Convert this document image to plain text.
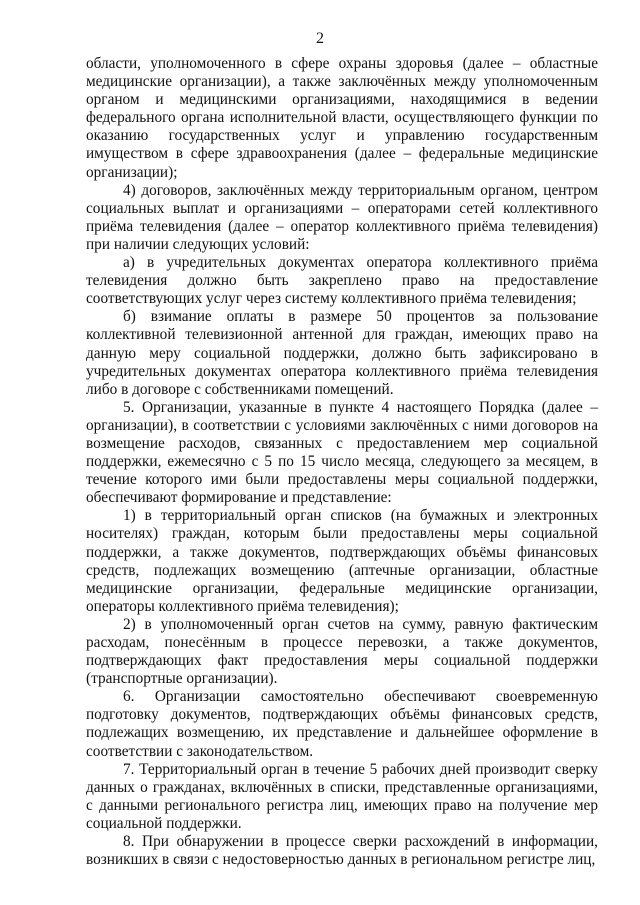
2

области, уполномоченного в сфере охраны здоровья (далее – областные медицинские организации), а также заключённых между уполномоченным органом и медицинскими организациями, находящимися в ведении федерального органа исполнительной власти, осуществляющего функции по оказанию государственных услуг и управлению государственным имуществом в сфере здравоохранения (далее – федеральные медицинские организации);

4) договоров, заключённых между территориальным органом, центром социальных выплат и организациями – операторами сетей коллективного приёма телевидения (далее – оператор коллективного приёма телевидения) при наличии следующих условий:

а) в учредительных документах оператора коллективного приёма телевидения должно быть закреплено право на предоставление соответствующих услуг через систему коллективного приёма телевидения;

б) взимание оплаты в размере 50 процентов за пользование коллективной телевизионной антенной для граждан, имеющих право на данную меру социальной поддержки, должно быть зафиксировано в учредительных документах оператора коллективного приёма телевидения либо в договоре с собственниками помещений.

5. Организации, указанные в пункте 4 настоящего Порядка (далее – организации), в соответствии с условиями заключённых с ними договоров на возмещение расходов, связанных с предоставлением мер социальной поддержки, ежемесячно с 5 по 15 число месяца, следующего за месяцем, в течение которого ими были предоставлены меры социальной поддержки, обеспечивают формирование и представление:

1) в территориальный орган списков (на бумажных и электронных носителях) граждан, которым были предоставлены меры социальной поддержки, а также документов, подтверждающих объёмы финансовых средств, подлежащих возмещению (аптечные организации, областные медицинские организации, федеральные медицинские организации, операторы коллективного приёма телевидения);

2) в уполномоченный орган счетов на сумму, равную фактическим расходам, понесённым в процессе перевозки, а также документов, подтверждающих факт предоставления меры социальной поддержки (транспортные организации).

6. Организации самостоятельно обеспечивают своевременную подготовку документов, подтверждающих объёмы финансовых средств, подлежащих возмещению, их представление и дальнейшее оформление в соответствии с законодательством.

7. Территориальный орган в течение 5 рабочих дней производит сверку данных о гражданах, включённых в списки, представленные организациями, с данными регионального регистра лиц, имеющих право на получение мер социальной поддержки.

8. При обнаружении в процессе сверки расхождений в информации, возникших в связи с недостоверностью данных в региональном регистре лиц,
